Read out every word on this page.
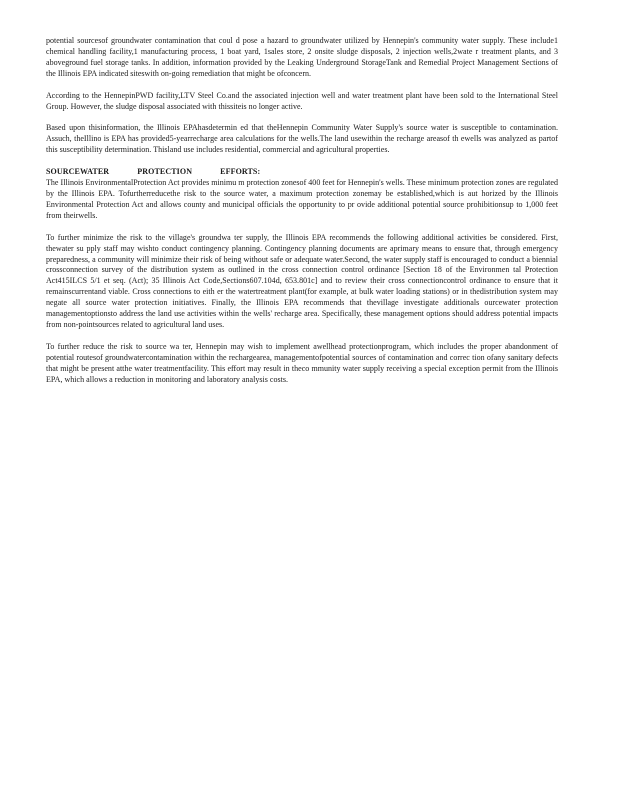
potential sourcesof groundwater contamination that coul d pose a hazard to groundwater utilized by Hennepin's community water supply. These include1 chemical handling facility,1 manufacturing process, 1 boat yard, 1sales store, 2 onsite sludge disposals, 2 injection wells,2wate r treatment plants, and 3 aboveground fuel storage tanks. In addition, information provided by the Leaking Underground StorageTank and Remedial Project Management Sections of the Illinois EPA indicated siteswith on-going remediation that might be ofconcern.

According to the HennepinPWD facility,LTV Steel Co.and the associated injection well and water treatment plant have been sold to the International Steel Group. However, the sludge disposal associated with thissiteis no longer active.

Based upon thisinformation, the Illinois EPAhasdetermin ed that theHennepin Community Water Supply's source water is susceptible to contamination. Assuch, theIllino is EPA has provided5-yearrecharge area calculations for the wells.The land usewithin the recharge areasof th ewells was analyzed as partof this susceptibility determination. Thisland use includes residential, commercial and agricultural properties.

SOURCEWATER PROTECTION EFFORTS:

The Illinois EnvironmentalProtection Act provides minimu m protection zonesof 400 feet for Hennepin's wells. These minimum protection zones are regulated by the Illinois EPA. Tofurtherreducethe risk to the source water, a maximum protection zonemay be established,which is aut horized by the Illinois Environmental Protection Act and allows county and municipal officials the opportunity to pr ovide additional potential source prohibitionsup to 1,000 feet from theirwells.

To further minimize the risk to the village's groundwa ter supply, the Illinois EPA recommends the following additional activities be considered. First, thewater su pply staff may wishto conduct contingency planning. Contingency planning documents are aprimary means to ensure that, through emergency preparedness, a community will minimize their risk of being without safe or adequate water.Second, the water supply staff is encouraged to conduct a biennial crossconnection survey of the distribution system as outlined in the cross connection control ordinance [Section 18 of the Environmen tal Protection Act415ILCS 5/1 et seq. (Act); 35 Illinois Act Code,Sections607.104d, 653.801c] and to review their cross connectioncontrol ordinance to ensure that it remainscurrentand viable. Cross connections to eith er the watertreatment plant(for example, at bulk water loading stations) or in thedistribution system may negate all source water protection initiatives. Finally, the Illinois EPA recommends that thevillage investigate additionals ourcewater protection managementoptionsto address the land use activities within the wells' recharge area. Specifically, these management options should address potential impacts from non-pointsources related to agricultural land uses.

To further reduce the risk to source wa ter, Hennepin may wish to implement awellhead protectionprogram, which includes the proper abandonment of potential routesof groundwatercontamination within the rechargearea, managementofpotential sources of contamination and correc tion ofany sanitary defects that might be present atthe water treatmentfacility. This effort may result in theco mmunity water supply receiving a special exception permit from the Illinois EPA, which allows a reduction in monitoring and laboratory analysis costs.
